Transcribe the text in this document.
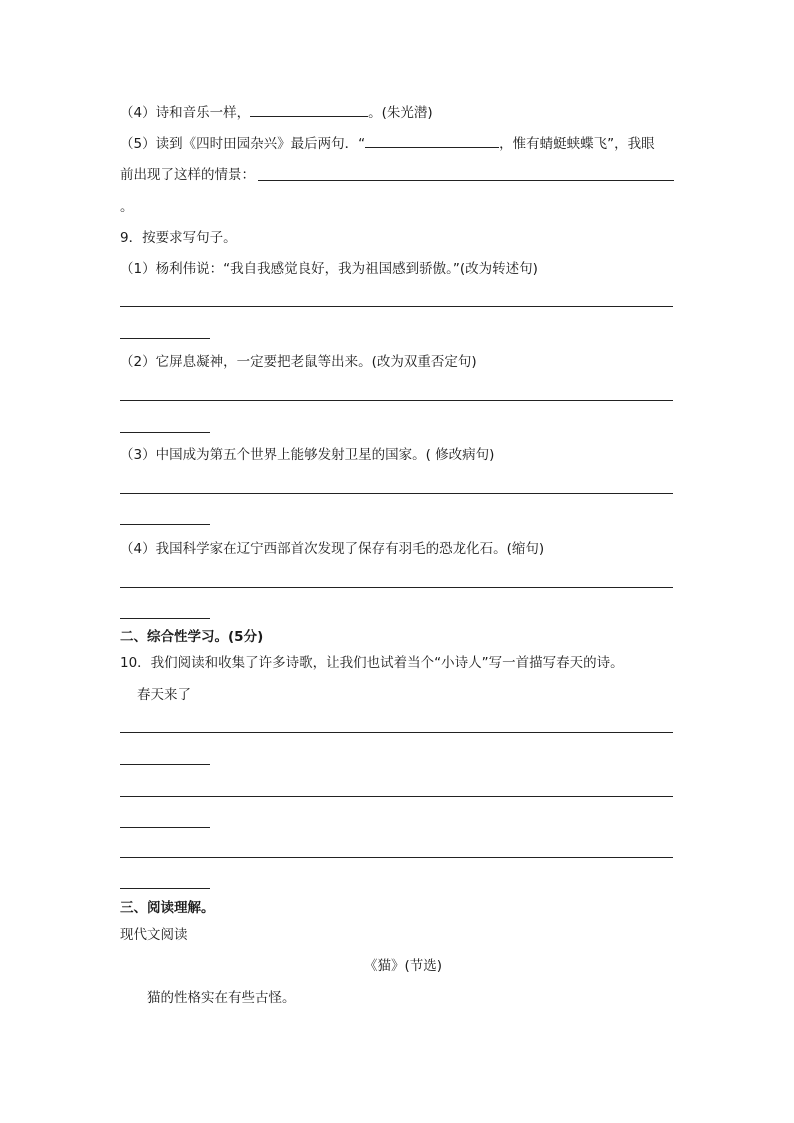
（4）诗和音乐一样，	。(朱光潜)
（5）读到《四时田园杂兴》最后两句．“	，惟有蜻蜓蛱蝶飞”，我眼
前出现了这样的情景：
。
9．按要求写句子。
（1）杨利伟说：“我自我感觉良好，我为祖国感到骄傲。”(改为转述句)
（2）它屏息凝神，一定要把老鼠等出来。(改为双重否定句)
（3）中国成为第五个世界上能够发射卫星的国家。( 修改病句)
（4）我国科学家在辽宁西部首次发现了保存有羽毛的恐龙化石。(缩句)
二、综合性学习。(5分)
10．我们阅读和收集了许多诗歌，让我们也试着当个“小诗人”写一首描写春天的诗。
春天来了
三、阅读理解。
现代文阅读
《猫》(节选)
猫的性格实在有些古怪。
